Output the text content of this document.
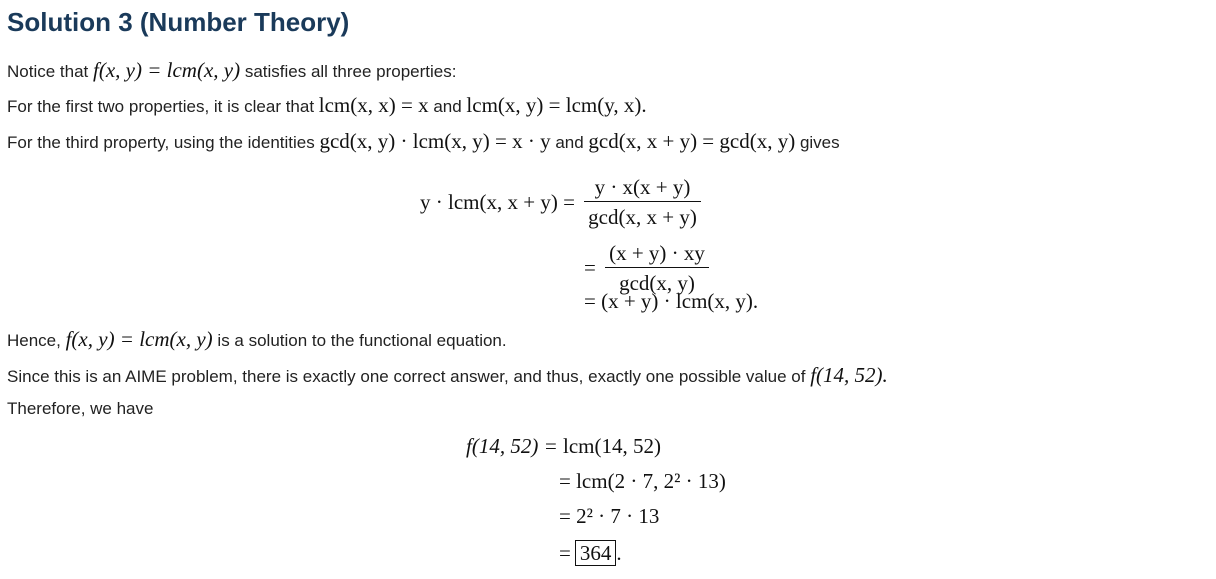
Solution 3 (Number Theory)
Notice that f(x, y) = lcm(x, y) satisfies all three properties:
For the first two properties, it is clear that lcm(x, x) = x and lcm(x, y) = lcm(y, x).
For the third property, using the identities gcd(x, y) · lcm(x, y) = x · y and gcd(x, x + y) = gcd(x, y) gives
y · lcm(x, $x + y) = \frac{y \cdot x(x + y)}{\gcd(x, x + y)}$
= $\frac{(x + y) \cdot xy}{\gcd(x, y)}$
= (x + y) · lcm(x, y).
Hence, f(x, y) = lcm(x, y) is a solution to the functional equation.
Since this is an AIME problem, there is exactly one correct answer, and thus, exactly one possible value of f(14, 52).
Therefore, we have
f(14, 52) = lcm(14, 52)
= lcm(2 · 7, 2² · 13)
= 2² · 7 · 13
= 364 .
